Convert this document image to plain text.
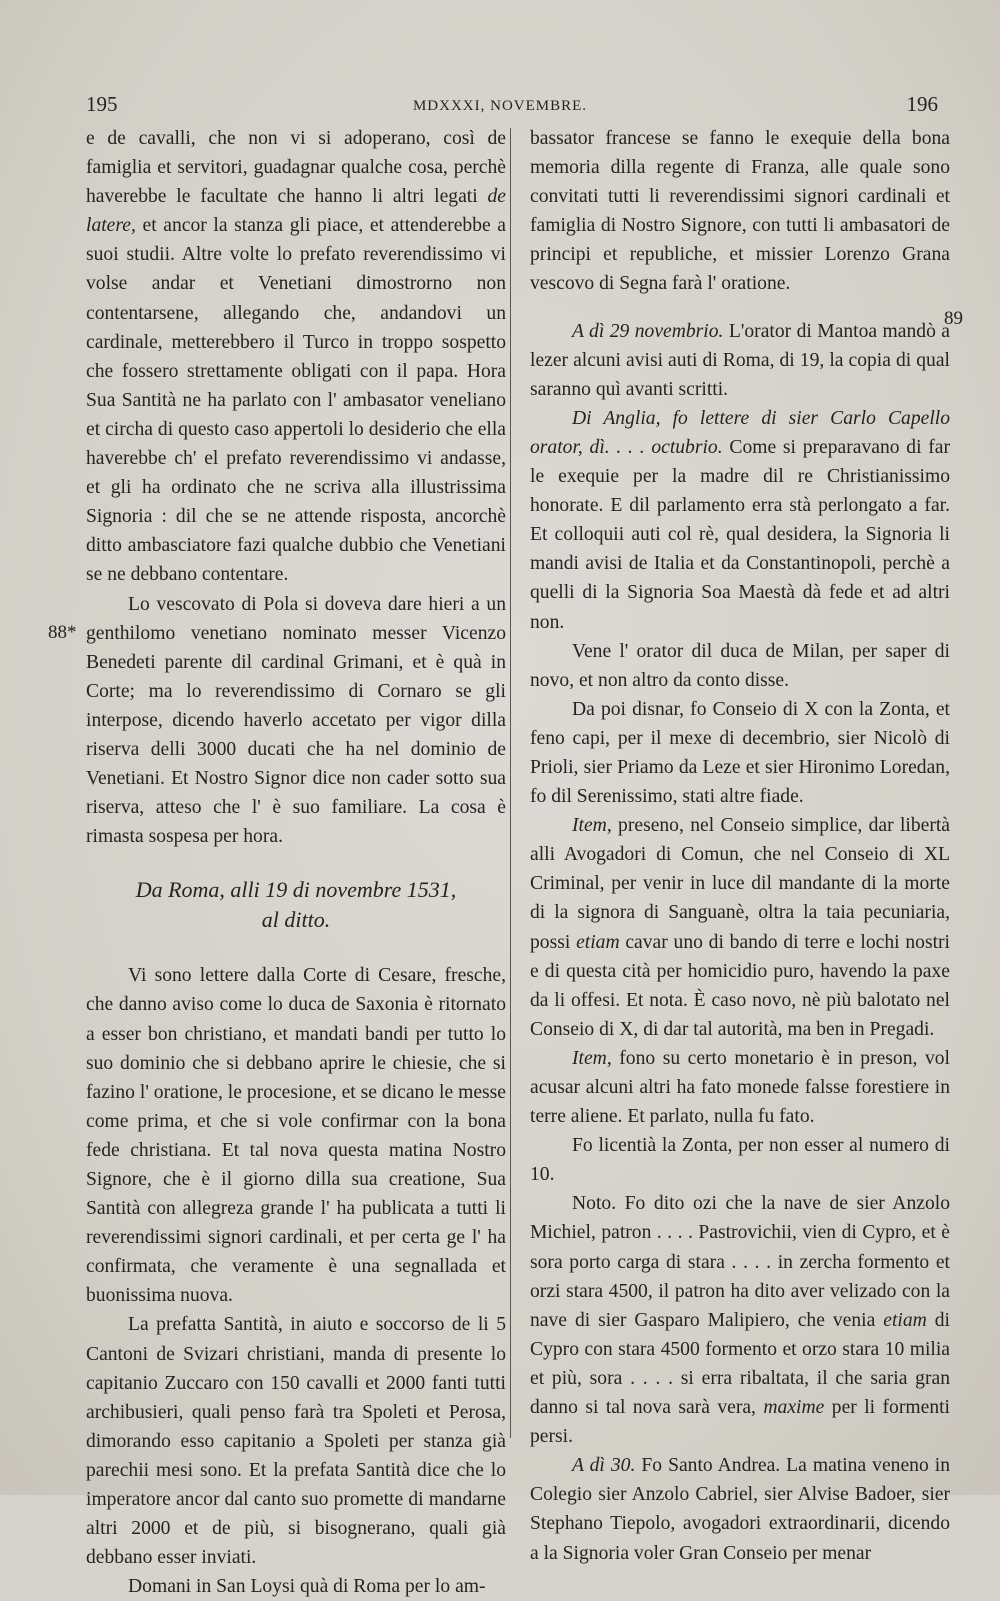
195	MDXXXI, NOVEMBRE.	196
88*
89

e de cavalli, che non vi si adoperano, così de famiglia et servitori, guadagnar qualche cosa, perchè haverebbe le facultate che hanno li altri legati de latere, et ancor la stanza gli piace, et attenderebbe a suoi studii. Altre volte lo prefato reverendissimo vi volse andar et Venetiani dimostrorno non contentarsene, allegando che, andandovi un cardinale, metterebbero il Turco in troppo sospetto che fossero strettamente obligati con il papa. Hora Sua Santità ne ha parlato con l' ambasator veneliano et circha di questo caso appertoli lo desiderio che ella haverebbe ch' el prefato reverendissimo vi andasse, et gli ha ordinato che ne scriva alla illustrissima Signoria : dil che se ne attende risposta, ancorchè ditto ambasciatore fazi qualche dubbio che Venetiani se ne debbano contentare.

Lo vescovato di Pola si doveva dare hieri a un genthilomo venetiano nominato messer Vicenzo Benedeti parente dil cardinal Grimani, et è quà in Corte; ma lo reverendissimo di Cornaro se gli interpose, dicendo haverlo accetato per vigor dilla riserva delli 3000 ducati che ha nel dominio de Venetiani. Et Nostro Signor dice non cader sotto sua riserva, atteso che l' è suo familiare. La cosa è rimasta sospesa per hora.

Da Roma, alli 19 di novembre 1531,
al ditto.

Vi sono lettere dalla Corte di Cesare, fresche, che danno aviso come lo duca de Saxonia è ritornato a esser bon christiano, et mandati bandi per tutto lo suo dominio che si debbano aprire le chiesie, che si fazino l' oratione, le procesione, et se dicano le messe come prima, et che si vole confirmar con la bona fede christiana. Et tal nova questa matina Nostro Signore, che è il giorno dilla sua creatione, Sua Santità con allegreza grande l' ha publicata a tutti li reverendissimi signori cardinali, et per certa ge l' ha confirmata, che veramente è una segnallada et buonissima nuova.

La prefatta Santità, in aiuto e soccorso de li 5 Cantoni de Svizari christiani, manda di presente lo capitanio Zuccaro con 150 cavalli et 2000 fanti tutti archibusieri, quali penso farà tra Spoleti et Perosa, dimorando esso capitanio a Spoleti per stanza già parechii mesi sono. Et la prefata Santità dice che lo imperatore ancor dal canto suo promette di mandarne altri 2000 et de più, si bisognerano, quali già debbano esser inviati.

Domani in San Loysi quà di Roma per lo am-

bassator francese se fanno le exequie della bona memoria dilla regente di Franza, alle quale sono convitati tutti li reverendissimi signori cardinali et famiglia di Nostro Signore, con tutti li ambasatori de principi et republiche, et missier Lorenzo Grana vescovo di Segna farà l' oratione.

A dì 29 novembrio. L'orator di Mantoa mandò a lezer alcuni avisi auti di Roma, di 19, la copia di qual saranno quì avanti scritti.

Di Anglia, fo lettere di sier Carlo Capello orator, dì. . . . octubrio. Come si preparavano di far le exequie per la madre dil re Christianissimo honorate. E dil parlamento erra stà perlongato a far. Et colloquii auti col rè, qual desidera, la Signoria li mandi avisi de Italia et da Constantinopoli, perchè a quelli di la Signoria Soa Maestà dà fede et ad altri non.

Vene l' orator dil duca de Milan, per saper di novo, et non altro da conto disse.

Da poi disnar, fo Conseio di X con la Zonta, et feno capi, per il mexe di decembrio, sier Nicolò di Prioli, sier Priamo da Leze et sier Hironimo Loredan, fo dil Serenissimo, stati altre fiade.

Item, preseno, nel Conseio simplice, dar libertà alli Avogadori di Comun, che nel Conseio di XL Criminal, per venir in luce dil mandante di la morte di la signora di Sanguanè, oltra la taia pecuniaria, possi etiam cavar uno di bando di terre e lochi nostri e di questa cità per homicidio puro, havendo la paxe da li offesi. Et nota. È caso novo, nè più balotato nel Conseio di X, di dar tal autorità, ma ben in Pregadi.

Item, fono su certo monetario è in preson, vol acusar alcuni altri ha fato monede falsse forestiere in terre aliene. Et parlato, nulla fu fato.

Fo licentià la Zonta, per non esser al numero di 10.

Noto. Fo dito ozi che la nave de sier Anzolo Michiel, patron . . . . Pastrovichii, vien di Cypro, et è sora porto carga di stara . . . . in zercha formento et orzi stara 4500, il patron ha dito aver velizado con la nave di sier Gasparo Malipiero, che venia etiam di Cypro con stara 4500 formento et orzo stara 10 milia et più, sora . . . . si erra ribaltata, il che saria gran danno si tal nova sarà vera, maxime per li formenti persi.

A dì 30. Fo Santo Andrea. La matina veneno in Colegio sier Anzolo Cabriel, sier Alvise Badoer, sier Stephano Tiepolo, avogadori extraordinarii, dicendo a la Signoria voler Gran Conseio per menar
